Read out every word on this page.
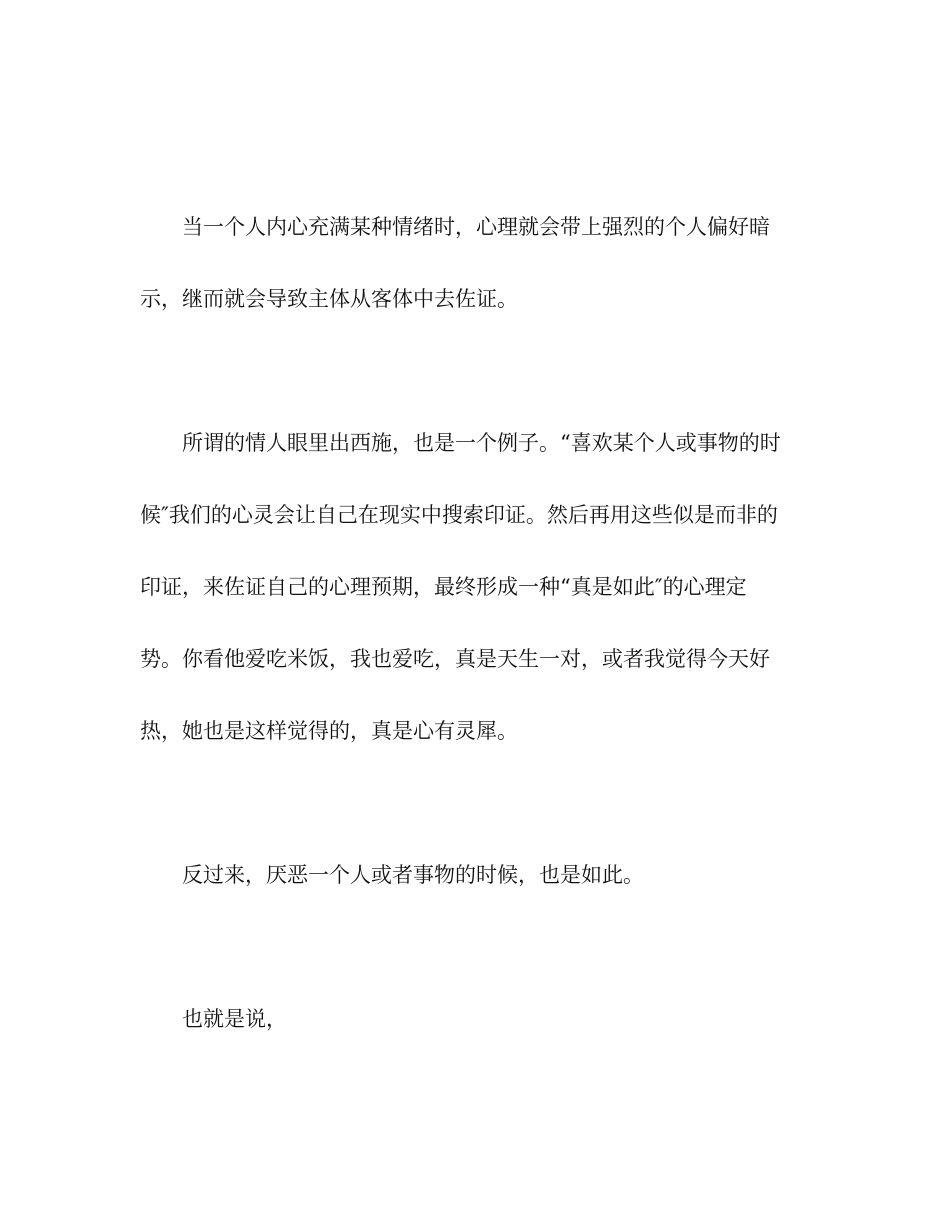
当一个人内心充满某种情绪时，心理就会带上强烈的个人偏好暗

示，继而就会导致主体从客体中去佐证。

所谓的情人眼里出西施，也是一个例子。“喜欢某个人或事物的时

候″我们的心灵会让自己在现实中搜索印证。然后再用这些似是而非的

印证，来佐证自己的心理预期，最终形成一种“真是如此″的心理定

势。你看他爱吃米饭，我也爱吃，真是天生一对，或者我觉得今天好

热，她也是这样觉得的，真是心有灵犀。

反过来，厌恶一个人或者事物的时候，也是如此。

也就是说，
